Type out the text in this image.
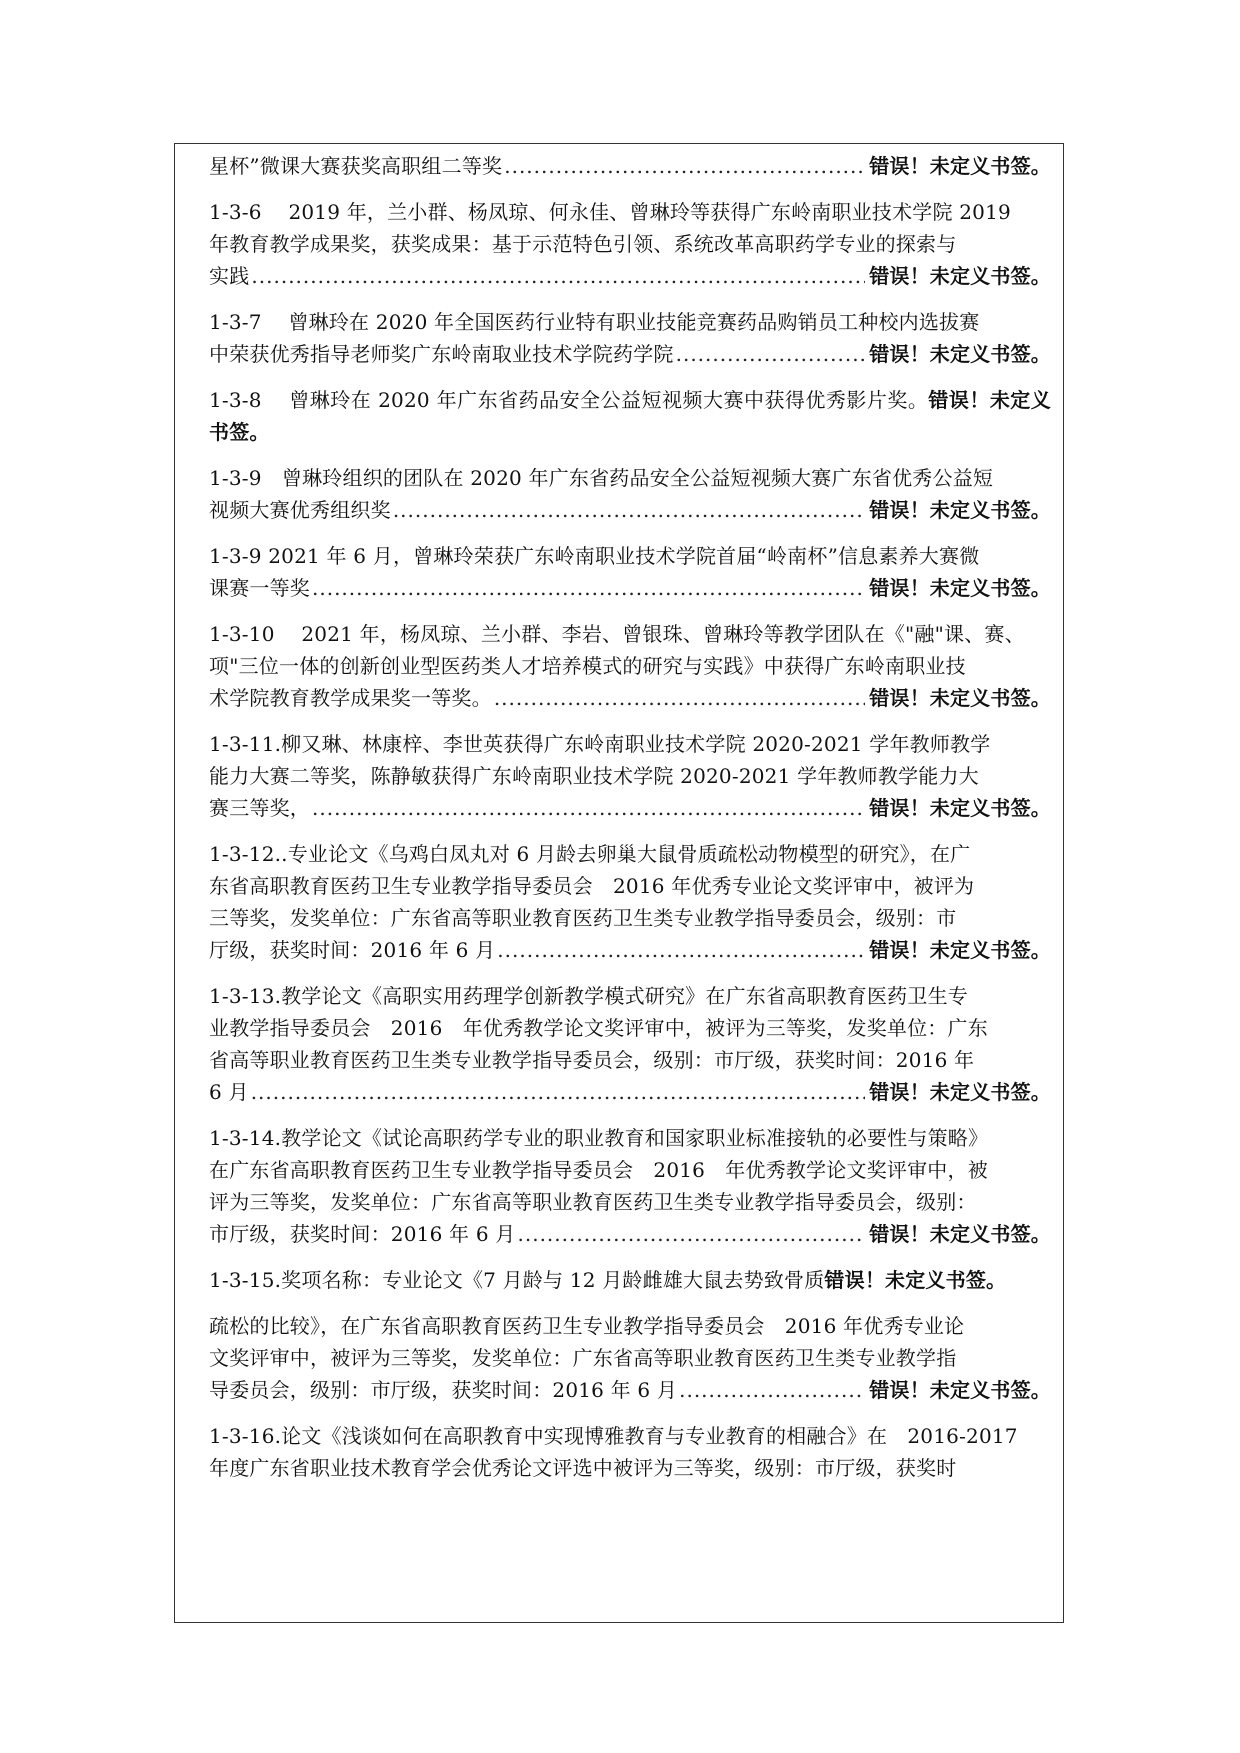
星杯”微课大赛获奖高职组二等奖 .....	错误！未定义书签。
1-3-6　 2019 年，兰小群、杨凤琼、何永佳、曾琳玲等获得广东岭南职业技术学院 2019
年教育教学成果奖，获奖成果：基于示范特色引领、系统改革高职药学专业的探索与
实践 .....	错误！未定义书签。
1-3-7　 曾琳玲在 2020 年全国医药行业特有职业技能竞赛药品购销员工种校内选拔赛
中荣获优秀指导老师奖广东岭南取业技术学院药学院 .....	错误！未定义书签。
1-3-8　 曾琳玲在 2020 年广东省药品安全公益短视频大赛中获得优秀影片奖。错误！未定义书签。
1-3-9　曾琳玲组织的团队在 2020 年广东省药品安全公益短视频大赛广东省优秀公益短
视频大赛优秀组织奖 .....	错误！未定义书签。
1-3-9 2021 年 6 月，曾琳玲荣获广东岭南职业技术学院首届“岭南杯”信息素养大赛微
课赛一等奖 .....	错误！未定义书签。
1-3-10　 2021 年，杨凤琼、兰小群、李岩、曾银珠、曾琳玲等教学团队在《"融"课、赛、
项"三位一体的创新创业型医药类人才培养模式的研究与实践》中获得广东岭南职业技
术学院教育教学成果奖一等奖。 .....	错误！未定义书签。
1-3-11.柳又琳、林康梓、李世英获得广东岭南职业技术学院 2020-2021 学年教师教学
能力大赛二等奖，陈静敏获得广东岭南职业技术学院 2020-2021 学年教师教学能力大
赛三等奖， .....	错误！未定义书签。
1-3-12..专业论文《乌鸡白凤丸对 6 月龄去卵巢大鼠骨质疏松动物模型的研究》，在广
东省高职教育医药卫生专业教学指导委员会　2016 年优秀专业论文奖评审中，被评为
三等奖，发奖单位：广东省高等职业教育医药卫生类专业教学指导委员会，级别：市
厅级，获奖时间：2016 年 6 月 .....	错误！未定义书签。
1-3-13.教学论文《高职实用药理学创新教学模式研究》在广东省高职教育医药卫生专
业教学指导委员会　2016　年优秀教学论文奖评审中，被评为三等奖，发奖单位：广东
省高等职业教育医药卫生类专业教学指导委员会，级别：市厅级，获奖时间：2016 年
6 月 .....	错误！未定义书签。
1-3-14.教学论文《试论高职药学专业的职业教育和国家职业标准接轨的必要性与策略》
在广东省高职教育医药卫生专业教学指导委员会　2016　年优秀教学论文奖评审中，被
评为三等奖，发奖单位：广东省高等职业教育医药卫生类专业教学指导委员会，级别：
市厅级，获奖时间：2016 年 6 月 .....	错误！未定义书签。
1-3-15.奖项名称：专业论文《7 月龄与 12 月龄雌雄大鼠去势致骨质错误！未定义书签。
疏松的比较》，在广东省高职教育医药卫生专业教学指导委员会　2016 年优秀专业论
文奖评审中，被评为三等奖，发奖单位：广东省高等职业教育医药卫生类专业教学指
导委员会，级别：市厅级，获奖时间：2016 年 6 月 .....	错误！未定义书签。
1-3-16.论文《浅谈如何在高职教育中实现博雅教育与专业教育的相融合》在　2016-2017
年度广东省职业技术教育学会优秀论文评选中被评为三等奖，级别：市厅级，获奖时
